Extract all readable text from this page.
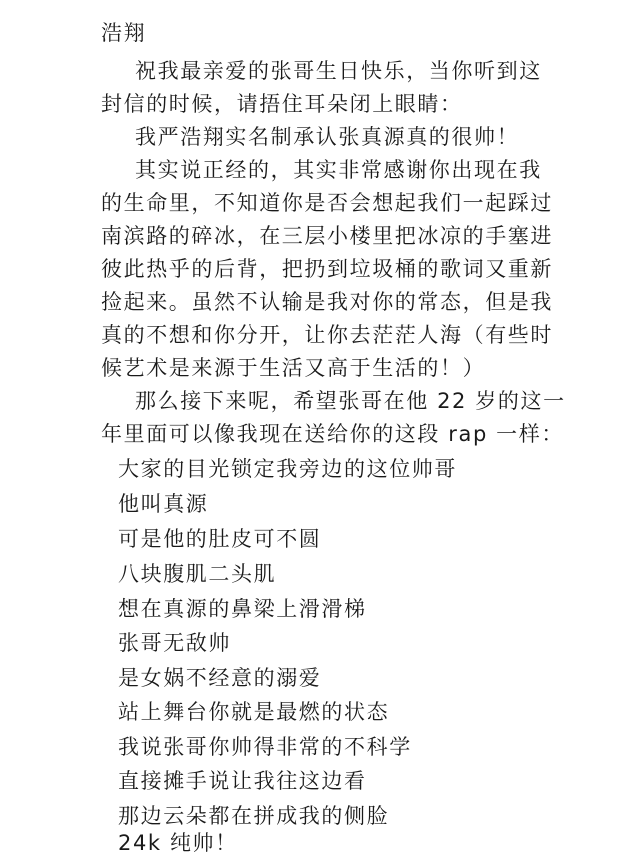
浩翔
祝我最亲爱的张哥生日快乐，当你听到这
封信的时候，请捂住耳朵闭上眼睛：
我严浩翔实名制承认张真源真的很帅！
其实说正经的，其实非常感谢你出现在我
的生命里，不知道你是否会想起我们一起踩过
南滨路的碎冰，在三层小楼里把冰凉的手塞进
彼此热乎的后背，把扔到垃圾桶的歌词又重新
捡起来。虽然不认输是我对你的常态，但是我
真的不想和你分开，让你去茫茫人海（有些时
候艺术是来源于生活又高于生活的！）
那么接下来呢，希望张哥在他 22 岁的这一
年里面可以像我现在送给你的这段 rap 一样：
大家的目光锁定我旁边的这位帅哥
他叫真源
可是他的肚皮可不圆
八块腹肌二头肌
想在真源的鼻梁上滑滑梯
张哥无敌帅
是女娲不经意的溺爱
站上舞台你就是最燃的状态
我说张哥你帅得非常的不科学
直接摊手说让我往这边看
那边云朵都在拼成我的侧脸
24k 纯帅！
